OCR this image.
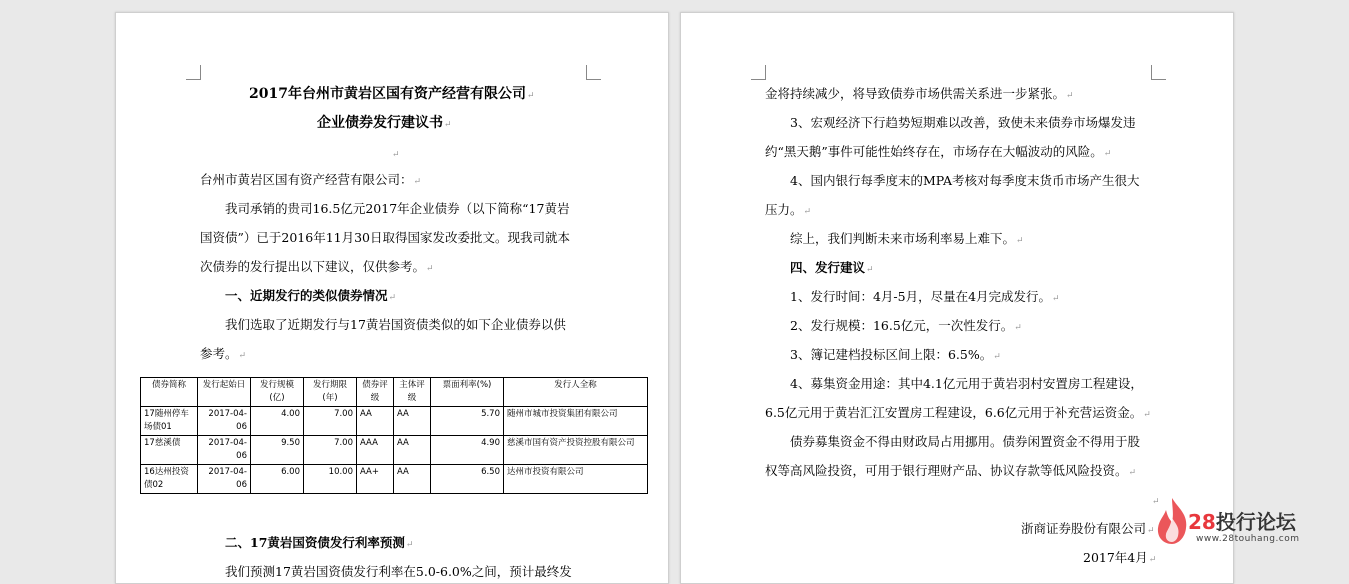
2017年台州市黄岩区国有资产经营有限公司↵
企业债券发行建议书↵
↵
台州市黄岩区国有资产经营有限公司：↵
我司承销的贵司16.5亿元2017年企业债券（以下简称“17黄岩
国资债”）已于2016年11月30日取得国家发改委批文。现我司就本
次债券的发行提出以下建议，仅供参考。↵
一、近期发行的类似债券情况↵
我们选取了近期发行与17黄岩国资债类似的如下企业债券以供
参考。↵
债券简称	发行起始日	发行规模(亿)	发行期限(年)	债券评级	主体评级	票面利率(%)	发行人全称
17随州停车场债01	2017-04-06	4.00	7.00	AA	AA	5.70	随州市城市投资集团有限公司
17慈溪债	2017-04-06	9.50	7.00	AAA	AA	4.90	慈溪市国有资产投资控股有限公司
16达州投资债02	2017-04-06	6.00	10.00	AA+	AA	6.50	达州市投资有限公司
二、17黄岩国资债发行利率预测↵
我们预测17黄岩国资债发行利率在5.0-6.0%之间，预计最终发
金将持续减少，将导致债券市场供需关系进一步紧张。↵
3、宏观经济下行趋势短期难以改善，致使未来债券市场爆发违
约“黑天鹅”事件可能性始终存在，市场存在大幅波动的风险。↵
4、国内银行每季度末的MPA考核对每季度末货币市场产生很大
压力。↵
综上，我们判断未来市场利率易上难下。↵
四、发行建议↵
1、发行时间：4月-5月，尽量在4月完成发行。↵
2、发行规模：16.5亿元，一次性发行。↵
3、簿记建档投标区间上限：6.5%。↵
4、募集资金用途：其中4.1亿元用于黄岩羽村安置房工程建设，
6.5亿元用于黄岩汇江安置房工程建设，6.6亿元用于补充营运资金。↵
债券募集资金不得由财政局占用挪用。债券闲置资金不得用于股
权等高风险投资，可用于银行理财产品、协议存款等低风险投资。↵
↵
浙商证券股份有限公司↵
2017年4月↵
28投行论坛
www.28touhang.com
